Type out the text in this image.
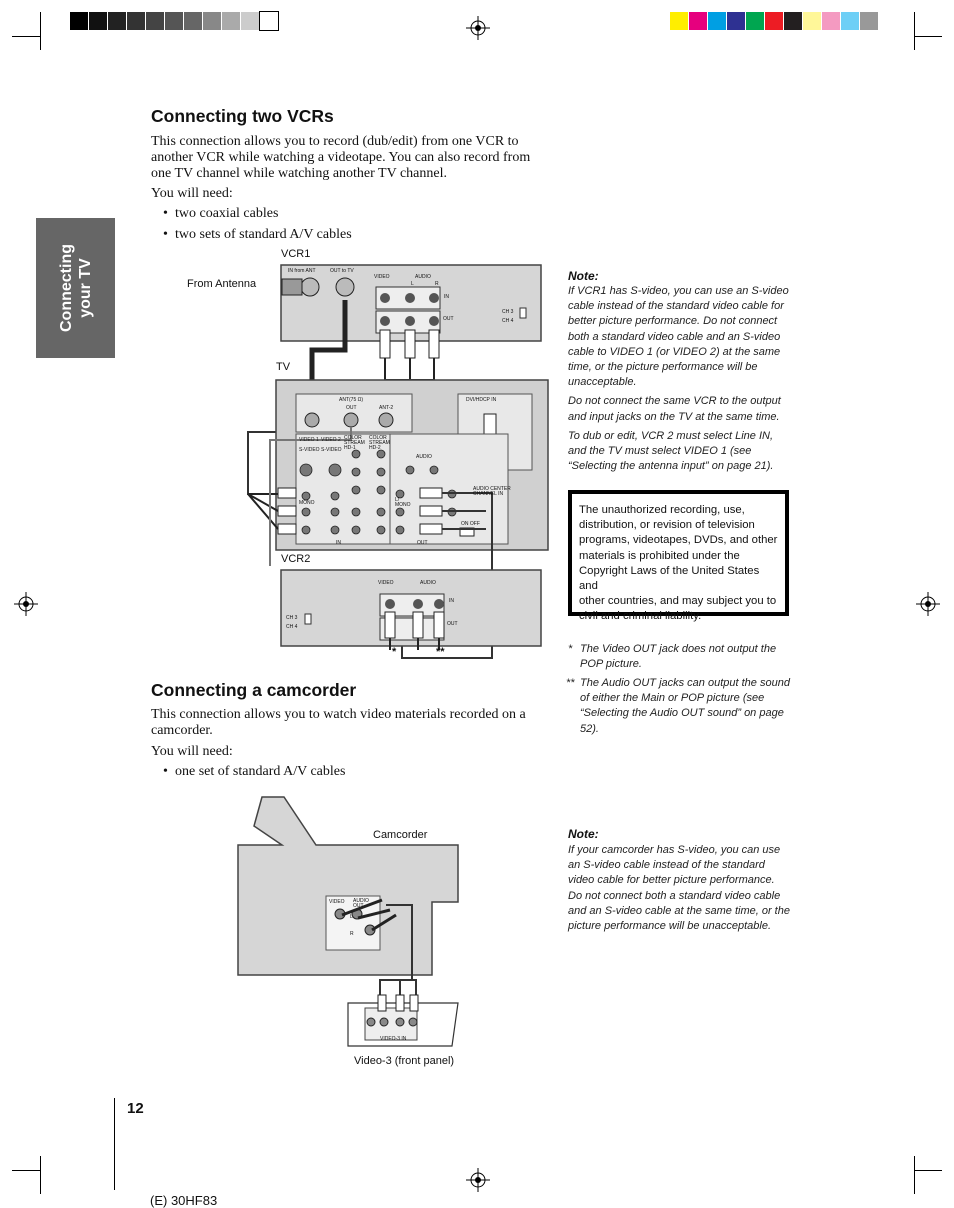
Connecting your TV
Connecting two VCRs
This connection allows you to record (dub/edit) from one VCR to
another VCR while watching a videotape. You can also record from
one TV channel while watching another TV channel.
You will need:
• two coaxial cables
• two sets of standard A/V cables
VCR1
From Antenna
TV
VCR2
IN from ANT	OUT to TV
VIDEO	AUDIO
L	R
IN
OUT
CH 3
CH 4
ANT(75 Ω)
OUT	ANT-2
DVI/HDCP IN
VIDEO 1 VIDEO 2
S-VIDEO S-VIDEO
COLOR STREAM HD-1
COLOR STREAM HD-2
MONO
AUDIO
AUDIO CENTER CHANNEL IN
ON OFF
L/ MONO
IN	OUT
VIDEO	AUDIO
IN
OUT
CH 3
CH 4
*	**
Note:
If VCR1 has S-video, you can use an S-video
cable instead of the standard video cable for
better picture performance. Do not connect
both a standard video cable and an S-video
cable to VIDEO 1 (or VIDEO 2) at the same
time, or the picture performance will be
unacceptable.
Do not connect the same VCR to the output
and input jacks on the TV at the same time.
To dub or edit, VCR 2 must select Line IN,
and the TV must select VIDEO 1 (see
“Selecting the antenna input” on page 21).
The unauthorized recording, use,
distribution, or revision of television
programs, videotapes, DVDs, and other
materials is prohibited under the
Copyright Laws of the United States and
other countries, and may subject you to
civil and criminal liability.
* The Video OUT jack does not output the
POP picture.
** The Audio OUT jacks can output the sound
of either the Main or POP picture (see
“Selecting the Audio OUT sound” on page
52).
Connecting a camcorder
This connection allows you to watch video materials recorded on a
camcorder.
You will need:
• one set of standard A/V cables
Camcorder
VIDEO AUDIO OUT
L
R
VIDEO-3 IN
Video-3 (front panel)
Note:
If your camcorder has S-video, you can use
an S-video cable instead of the standard
video cable for better picture performance.
Do not connect both a standard video cable
and an S-video cable at the same time, or the
picture performance will be unacceptable.
12
(E) 30HF83
